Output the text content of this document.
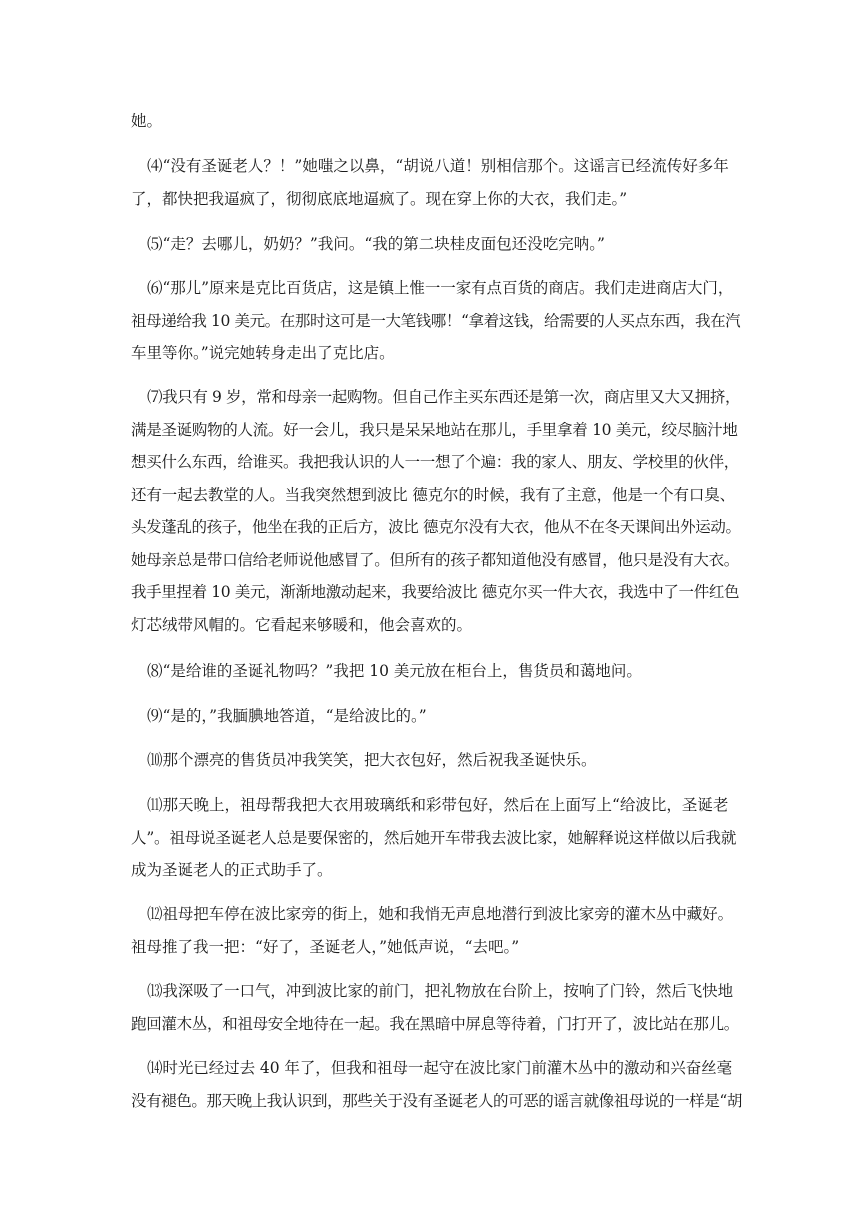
她。
⑷“没有圣诞老人？！”她嗤之以鼻，“胡说八道！别相信那个。这谣言已经流传好多年
了，都快把我逼疯了，彻彻底底地逼疯了。现在穿上你的大衣，我们走。”
⑸“走？去哪儿，奶奶？”我问。“我的第二块桂皮面包还没吃完呐。”
⑹“那儿”原来是克比百货店，这是镇上惟一一家有点百货的商店。我们走进商店大门，
祖母递给我 10 美元。在那时这可是一大笔钱哪！“拿着这钱，给需要的人买点东西，我在汽
车里等你。”说完她转身走出了克比店。
⑺我只有 9 岁，常和母亲一起购物。但自己作主买东西还是第一次，商店里又大又拥挤，
满是圣诞购物的人流。好一会儿，我只是呆呆地站在那儿，手里拿着 10 美元，绞尽脑汁地
想买什么东西，给谁买。我把我认识的人一一想了个遍：我的家人、朋友、学校里的伙伴，
还有一起去教堂的人。当我突然想到波比 德克尔的时候，我有了主意，他是一个有口臭、
头发蓬乱的孩子，他坐在我的正后方，波比 德克尔没有大衣，他从不在冬天课间出外运动。
她母亲总是带口信给老师说他感冒了。但所有的孩子都知道他没有感冒，他只是没有大衣。
我手里捏着 10 美元，渐渐地激动起来，我要给波比 德克尔买一件大衣，我选中了一件红色
灯芯绒带风帽的。它看起来够暖和，他会喜欢的。
⑻“是给谁的圣诞礼物吗？”我把 10 美元放在柜台上，售货员和蔼地问。
⑼“是的，”我腼腆地答道，“是给波比的。”
⑽那个漂亮的售货员冲我笑笑，把大衣包好，然后祝我圣诞快乐。
⑾那天晚上，祖母帮我把大衣用玻璃纸和彩带包好，然后在上面写上“给波比，圣诞老
人”。祖母说圣诞老人总是要保密的，然后她开车带我去波比家，她解释说这样做以后我就
成为圣诞老人的正式助手了。
⑿祖母把车停在波比家旁的街上，她和我悄无声息地潜行到波比家旁的灌木丛中藏好。
祖母推了我一把：“好了，圣诞老人，”她低声说，“去吧。”
⒀我深吸了一口气，冲到波比家的前门，把礼物放在台阶上，按响了门铃，然后飞快地
跑回灌木丛，和祖母安全地待在一起。我在黑暗中屏息等待着，门打开了，波比站在那儿。
⒁时光已经过去 40 年了，但我和祖母一起守在波比家门前灌木丛中的激动和兴奋丝毫
没有褪色。那天晚上我认识到，那些关于没有圣诞老人的可恶的谣言就像祖母说的一样是“胡
